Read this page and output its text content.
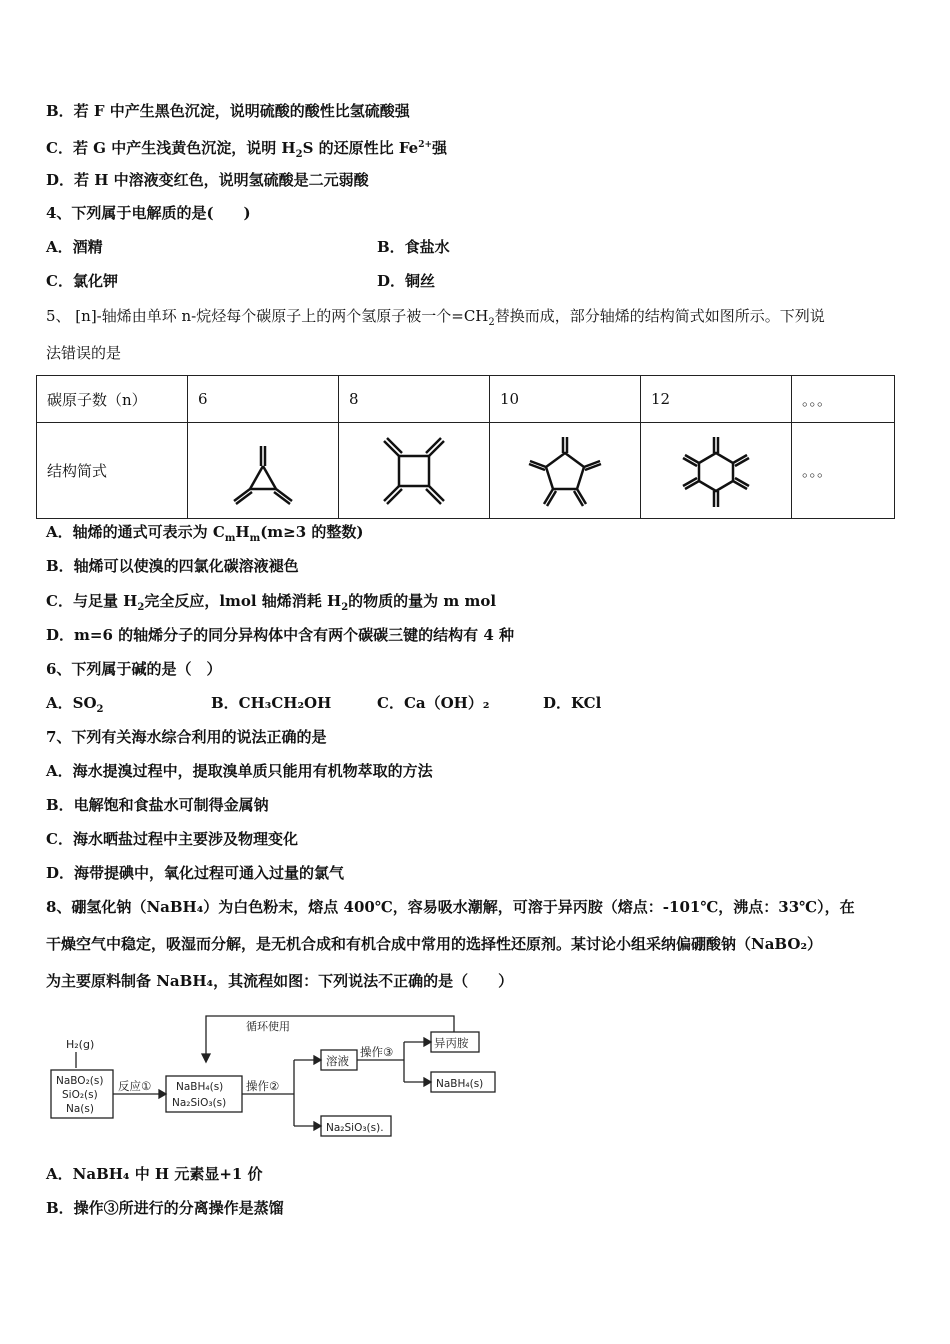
B．若 F 中产生黑色沉淀，说明硫酸的酸性比氢硫酸强
C．若 G 中产生浅黄色沉淀，说明 $H_2S$ 的还原性比 $Fe^{2+}$强
D．若 H 中溶液变红色，说明氢硫酸是二元弱酸
4、下列属于电解质的是(　　)
A．酒精	B．食盐水
C．氯化钾	D．铜丝
5、 [n]-轴烯由单环 n-烷烃每个碳原子上的两个氢原子被一个$=CH_2$替换而成，部分轴烯的结构简式如图所示。下列说
法错误的是
碳原子数（n）	6	8	10	12	。。。
结构简式					。。。
A．轴烯的通式可表示为 $C_mH_m(m\ge 3$ 的整数)
B．轴烯可以使溴的四氯化碳溶液褪色
C．与足量 $H_2$完全反应，lmol 轴烯消耗 $H_2$的物质的量为 m mol
D．m=6 的轴烯分子的同分异构体中含有两个碳碳三键的结构有 4 种
6、下列属于碱的是（　）
A．$SO_2$	B．CH₃CH₂OH	C．Ca（OH）₂	D．KCl
7、下列有关海水综合利用的说法正确的是
A．海水提溴过程中，提取溴单质只能用有机物萃取的方法
B．电解饱和食盐水可制得金属钠
C．海水晒盐过程中主要涉及物理变化
D．海带提碘中，氧化过程可通入过量的氯气
8、硼氢化钠（NaBH₄）为白色粉末，熔点 400℃，容易吸水潮解，可溶于异丙胺（熔点：-101℃，沸点：33℃），在
干燥空气中稳定，吸湿而分解，是无机合成和有机合成中常用的选择性还原剂。某讨论小组采纳偏硼酸钠（NaBO₂）
为主要原料制备 NaBH₄，其流程如图：下列说法不正确的是（　　）
循环使用
H₂(g)
NaBO₂(s)
SiO₂(s)
Na(s)
反应① NaBH₄(s)
Na₂SiO₃(s)
操作②
溶液
操作③
异丙胺
NaBH₄(s)
Na₂SiO₃(s).
A．NaBH₄ 中 H 元素显+1 价
B．操作③所进行的分离操作是蒸馏
